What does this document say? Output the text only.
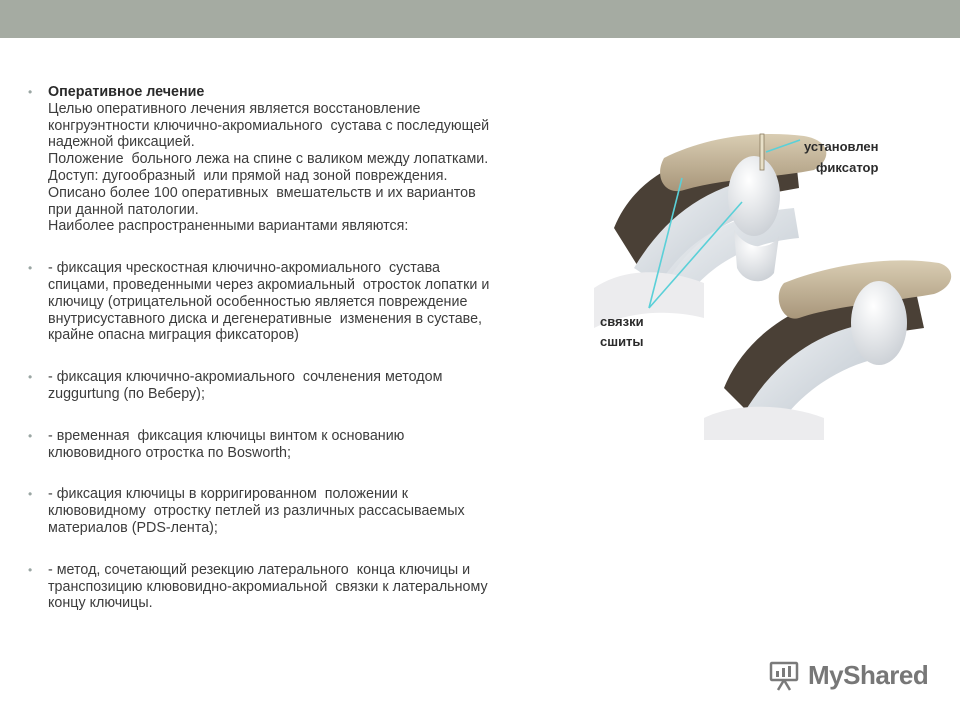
• Оперативное лечение
Целью оперативного лечения является восстановление
конгруэнтности ключично-акромиального  сустава с последующей
надежной фиксацией.
Положение  больного лежа на спине с валиком между лопатками.
Доступ: дугообразный  или прямой над зоной повреждения.
Описано более 100 оперативных  вмешательств и их вариантов
при данной патологии.
Наиболее распространенными вариантами являются:
• - фиксация чрескостная ключично-акромиального  сустава
спицами, проведенными через акромиальный  отросток лопатки и
ключицу (отрицательной особенностью является повреждение
внутрисуставного диска и дегенеративные  изменения в суставе,
крайне опасна миграция фиксаторов)
• - фиксация ключично-акромиального  сочленения методом
zuggurtung (по Веберу);
• - временная  фиксация ключицы винтом к основанию
клювовидного отростка по Bosworth;
• - фиксация ключицы в корригированном  положении к
клювовидному  отростку петлей из различных рассасываемых
материалов (PDS-лента);
• - метод, сочетающий резекцию латерального  конца ключицы и
транспозицию клювовидно-акромиальной  связки к латеральному
концу ключицы.
установлен
фиксатор
связки
сшиты
MyShared
